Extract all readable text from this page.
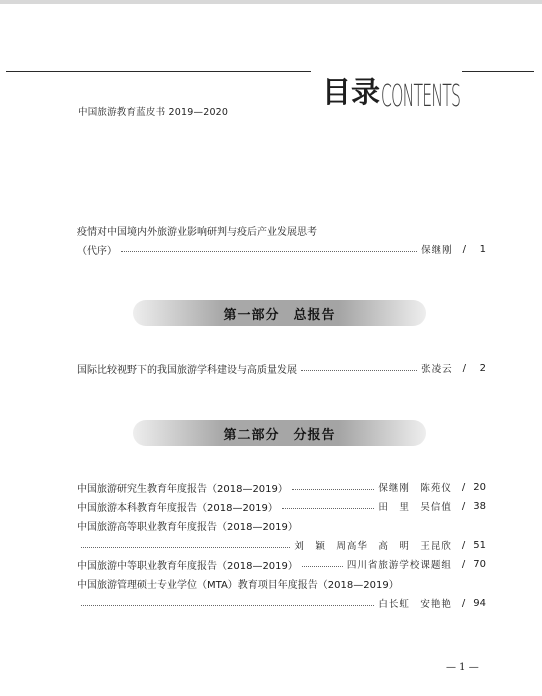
中国旅游教育蓝皮书 2019—2020
目录 CONTENTS
疫情对中国境内外旅游业影响研判与疫后产业发展思考
（代序）	保继刚 /	1
第一部分　总报告
国际比较视野下的我国旅游学科建设与高质量发展	张凌云 /	2
第二部分　分报告
中国旅游研究生教育年度报告（2018—2019）	保继刚　陈苑仪 / 20
中国旅游本科教育年度报告（2018—2019）	田　里　吴信值 / 38
中国旅游高等职业教育年度报告（2018—2019）
刘　颖　周高华　高　明　王昆欣 / 51
中国旅游中等职业教育年度报告（2018—2019）	四川省旅游学校课题组 / 70
中国旅游管理硕士专业学位（MTA）教育项目年度报告（2018—2019）
白长虹　安艳艳 / 94
— 1 —
